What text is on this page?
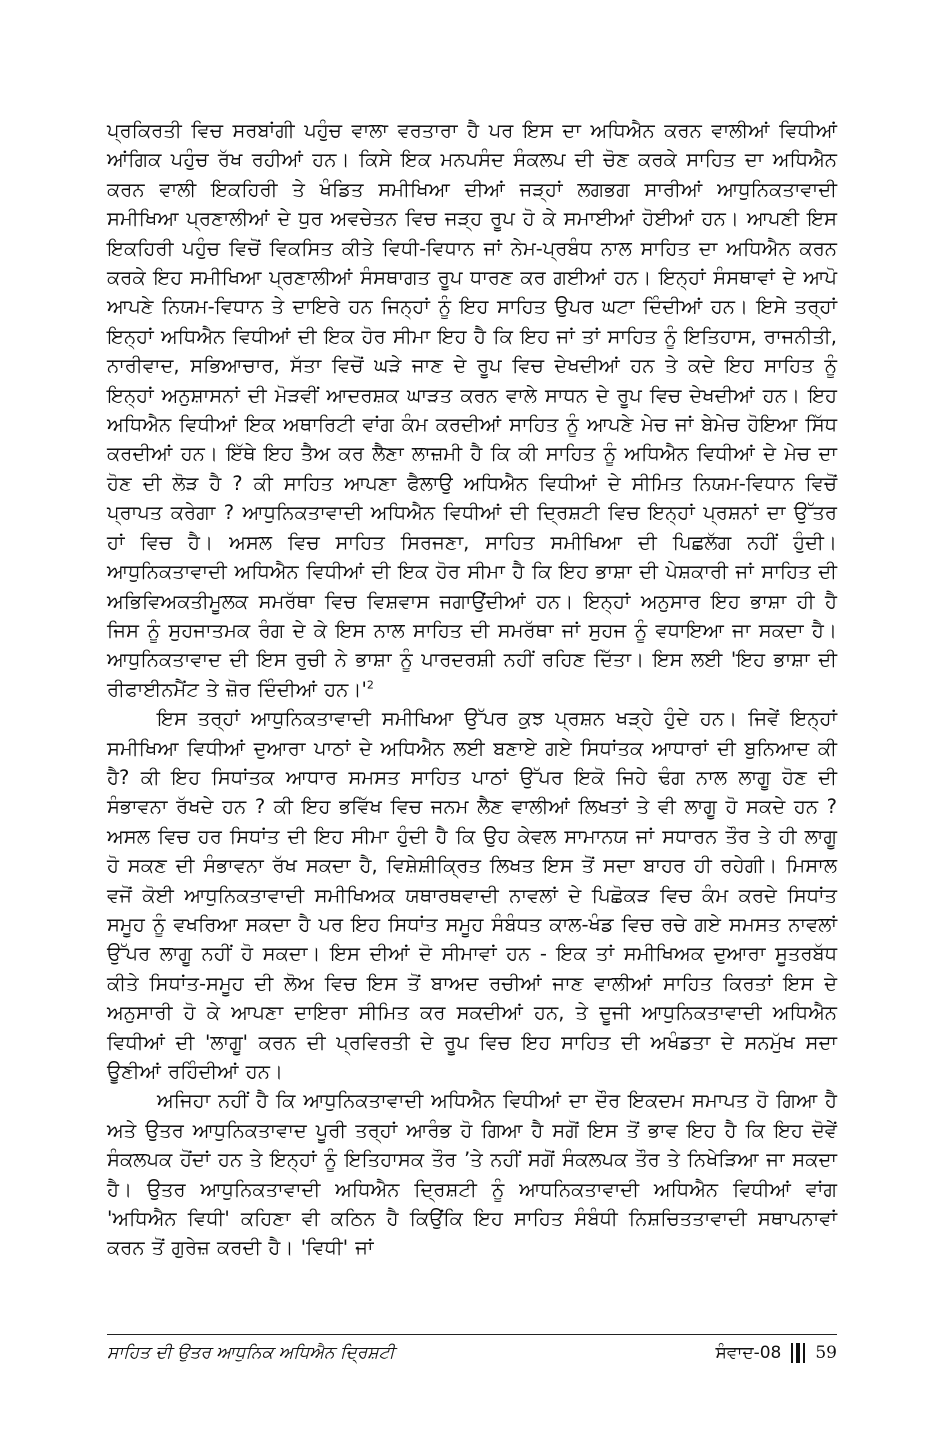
ਪ੍ਰਕਿਰਤੀ ਵਿਚ ਸਰਬਾਂਗੀ ਪਹੁੰਚ ਵਾਲਾ ਵਰਤਾਰਾ ਹੈ ਪਰ ਇਸ ਦਾ ਅਧਿਐਨ ਕਰਨ ਵਾਲੀਆਂ ਵਿਧੀਆਂ ਆਂਗਿਕ ਪਹੁੰਚ ਰੱਖ ਰਹੀਆਂ ਹਨ। ਕਿਸੇ ਇਕ ਮਨਪਸੰਦ ਸੰਕਲਪ ਦੀ ਚੋਣ ਕਰਕੇ ਸਾਹਿਤ ਦਾ ਅਧਿਐਨ ਕਰਨ ਵਾਲੀ ਇਕਹਿਰੀ ਤੇ ਖੰਡਿਤ ਸਮੀਖਿਆ ਦੀਆਂ ਜੜ੍ਹਾਂ ਲਗਭਗ ਸਾਰੀਆਂ ਆਧੁਨਿਕਤਾਵਾਦੀ ਸਮੀਖਿਆ ਪ੍ਰਣਾਲੀਆਂ ਦੇ ਧੁਰ ਅਵਚੇਤਨ ਵਿਚ ਜੜ੍ਹ ਰੂਪ ਹੋ ਕੇ ਸਮਾਈਆਂ ਹੋਈਆਂ ਹਨ। ਆਪਣੀ ਇਸ ਇਕਹਿਰੀ ਪਹੁੰਚ ਵਿਚੋਂ ਵਿਕਸਿਤ ਕੀਤੇ ਵਿਧੀ-ਵਿਧਾਨ ਜਾਂ ਨੇਮ-ਪ੍ਰਬੰਧ ਨਾਲ ਸਾਹਿਤ ਦਾ ਅਧਿਐਨ ਕਰਨ ਕਰਕੇ ਇਹ ਸਮੀਖਿਆ ਪ੍ਰਣਾਲੀਆਂ ਸੰਸਥਾਗਤ ਰੂਪ ਧਾਰਣ ਕਰ ਗਈਆਂ ਹਨ। ਇਨ੍ਹਾਂ ਸੰਸਥਾਵਾਂ ਦੇ ਆਪੋ ਆਪਣੇ ਨਿਯਮ-ਵਿਧਾਨ ਤੇ ਦਾਇਰੇ ਹਨ ਜਿਨ੍ਹਾਂ ਨੂੰ ਇਹ ਸਾਹਿਤ ਉਪਰ ਘਟਾ ਦਿੰਦੀਆਂ ਹਨ। ਇਸੇ ਤਰ੍ਹਾਂ ਇਨ੍ਹਾਂ ਅਧਿਐਨ ਵਿਧੀਆਂ ਦੀ ਇਕ ਹੋਰ ਸੀਮਾ ਇਹ ਹੈ ਕਿ ਇਹ ਜਾਂ ਤਾਂ ਸਾਹਿਤ ਨੂੰ ਇਤਿਹਾਸ, ਰਾਜਨੀਤੀ, ਨਾਰੀਵਾਦ, ਸਭਿਆਚਾਰ, ਸੱਤਾ ਵਿਚੋਂ ਘੜੇ ਜਾਣ ਦੇ ਰੂਪ ਵਿਚ ਦੇਖਦੀਆਂ ਹਨ ਤੇ ਕਦੇ ਇਹ ਸਾਹਿਤ ਨੂੰ ਇਨ੍ਹਾਂ ਅਨੁਸ਼ਾਸਨਾਂ ਦੀ ਮੋੜਵੀਂ ਆਦਰਸ਼ਕ ਘਾੜਤ ਕਰਨ ਵਾਲੇ ਸਾਧਨ ਦੇ ਰੂਪ ਵਿਚ ਦੇਖਦੀਆਂ ਹਨ। ਇਹ ਅਧਿਐਨ ਵਿਧੀਆਂ ਇਕ ਅਥਾਰਿਟੀ ਵਾਂਗ ਕੰਮ ਕਰਦੀਆਂ ਸਾਹਿਤ ਨੂੰ ਆਪਣੇ ਮੇਚ ਜਾਂ ਬੇਮੇਚ ਹੋਇਆ ਸਿੱਧ ਕਰਦੀਆਂ ਹਨ। ਇੱਥੇ ਇਹ ਤੈਅ ਕਰ ਲੈਣਾ ਲਾਜ਼ਮੀ ਹੈ ਕਿ ਕੀ ਸਾਹਿਤ ਨੂੰ ਅਧਿਐਨ ਵਿਧੀਆਂ ਦੇ ਮੇਚ ਦਾ ਹੋਣ ਦੀ ਲੋੜ ਹੈ ? ਕੀ ਸਾਹਿਤ ਆਪਣਾ ਫੈਲਾਉ ਅਧਿਐਨ ਵਿਧੀਆਂ ਦੇ ਸੀਮਿਤ ਨਿਯਮ-ਵਿਧਾਨ ਵਿਚੋਂ ਪ੍ਰਾਪਤ ਕਰੇਗਾ ? ਆਧੁਨਿਕਤਾਵਾਦੀ ਅਧਿਐਨ ਵਿਧੀਆਂ ਦੀ ਦ੍ਰਿਸ਼ਟੀ ਵਿਚ ਇਨ੍ਹਾਂ ਪ੍ਰਸ਼ਨਾਂ ਦਾ ਉੱਤਰ ਹਾਂ ਵਿਚ ਹੈ। ਅਸਲ ਵਿਚ ਸਾਹਿਤ ਸਿਰਜਣਾ, ਸਾਹਿਤ ਸਮੀਖਿਆ ਦੀ ਪਿਛਲੱਗ ਨਹੀਂ ਹੁੰਦੀ। ਆਧੁਨਿਕਤਾਵਾਦੀ ਅਧਿਐਨ ਵਿਧੀਆਂ ਦੀ ਇਕ ਹੋਰ ਸੀਮਾ ਹੈ ਕਿ ਇਹ ਭਾਸ਼ਾ ਦੀ ਪੇਸ਼ਕਾਰੀ ਜਾਂ ਸਾਹਿਤ ਦੀ ਅਭਿਵਿਅਕਤੀਮੂਲਕ ਸਮਰੱਥਾ ਵਿਚ ਵਿਸ਼ਵਾਸ ਜਗਾਉਂਦੀਆਂ ਹਨ। ਇਨ੍ਹਾਂ ਅਨੁਸਾਰ ਇਹ ਭਾਸ਼ਾ ਹੀ ਹੈ ਜਿਸ ਨੂੰ ਸੁਹਜਾਤਮਕ ਰੰਗ ਦੇ ਕੇ ਇਸ ਨਾਲ ਸਾਹਿਤ ਦੀ ਸਮਰੱਥਾ ਜਾਂ ਸੁਹਜ ਨੂੰ ਵਧਾਇਆ ਜਾ ਸਕਦਾ ਹੈ। ਆਧੁਨਿਕਤਾਵਾਦ ਦੀ ਇਸ ਰੁਚੀ ਨੇ ਭਾਸ਼ਾ ਨੂੰ ਪਾਰਦਰਸ਼ੀ ਨਹੀਂ ਰਹਿਣ ਦਿੱਤਾ। ਇਸ ਲਈ 'ਇਹ ਭਾਸ਼ਾ ਦੀ ਰੀਫਾਈਨਮੈਂਟ ਤੇ ਜ਼ੋਰ ਦਿੰਦੀਆਂ ਹਨ।'$^2$

ਇਸ ਤਰ੍ਹਾਂ ਆਧੁਨਿਕਤਾਵਾਦੀ ਸਮੀਖਿਆ ਉੱਪਰ ਕੁਝ ਪ੍ਰਸ਼ਨ ਖੜ੍ਹੇ ਹੁੰਦੇ ਹਨ। ਜਿਵੇਂ ਇਨ੍ਹਾਂ ਸਮੀਖਿਆ ਵਿਧੀਆਂ ਦੁਆਰਾ ਪਾਠਾਂ ਦੇ ਅਧਿਐਨ ਲਈ ਬਣਾਏ ਗਏ ਸਿਧਾਂਤਕ ਆਧਾਰਾਂ ਦੀ ਬੁਨਿਆਦ ਕੀ ਹੈ? ਕੀ ਇਹ ਸਿਧਾਂਤਕ ਆਧਾਰ ਸਮਸਤ ਸਾਹਿਤ ਪਾਠਾਂ ਉੱਪਰ ਇਕੋ ਜਿਹੇ ਢੰਗ ਨਾਲ ਲਾਗੂ ਹੋਣ ਦੀ ਸੰਭਾਵਨਾ ਰੱਖਦੇ ਹਨ ? ਕੀ ਇਹ ਭਵਿੱਖ ਵਿਚ ਜਨਮ ਲੈਣ ਵਾਲੀਆਂ ਲਿਖਤਾਂ ਤੇ ਵੀ ਲਾਗੂ ਹੋ ਸਕਦੇ ਹਨ ? ਅਸਲ ਵਿਚ ਹਰ ਸਿਧਾਂਤ ਦੀ ਇਹ ਸੀਮਾ ਹੁੰਦੀ ਹੈ ਕਿ ਉਹ ਕੇਵਲ ਸਾਮਾਨਯ ਜਾਂ ਸਧਾਰਨ ਤੌਰ ਤੇ ਹੀ ਲਾਗੂ ਹੋ ਸਕਣ ਦੀ ਸੰਭਾਵਨਾ ਰੱਖ ਸਕਦਾ ਹੈ, ਵਿਸ਼ੇਸ਼ੀਕ੍ਰਿਤ ਲਿਖਤ ਇਸ ਤੋਂ ਸਦਾ ਬਾਹਰ ਹੀ ਰਹੇਗੀ। ਮਿਸਾਲ ਵਜੋਂ ਕੋਈ ਆਧੁਨਿਕਤਾਵਾਦੀ ਸਮੀਖਿਅਕ ਯਥਾਰਥਵਾਦੀ ਨਾਵਲਾਂ ਦੇ ਪਿਛੋਕੜ ਵਿਚ ਕੰਮ ਕਰਦੇ ਸਿਧਾਂਤ ਸਮੂਹ ਨੂੰ ਵਖਰਿਆ ਸਕਦਾ ਹੈ ਪਰ ਇਹ ਸਿਧਾਂਤ ਸਮੂਹ ਸੰਬੰਧਤ ਕਾਲ-ਖੰਡ ਵਿਚ ਰਚੇ ਗਏ ਸਮਸਤ ਨਾਵਲਾਂ ਉੱਪਰ ਲਾਗੂ ਨਹੀਂ ਹੋ ਸਕਦਾ। ਇਸ ਦੀਆਂ ਦੋ ਸੀਮਾਵਾਂ ਹਨ - ਇਕ ਤਾਂ ਸਮੀਖਿਅਕ ਦੁਆਰਾ ਸੂਤਰਬੱਧ ਕੀਤੇ ਸਿਧਾਂਤ-ਸਮੂਹ ਦੀ ਲੋਅ ਵਿਚ ਇਸ ਤੋਂ ਬਾਅਦ ਰਚੀਆਂ ਜਾਣ ਵਾਲੀਆਂ ਸਾਹਿਤ ਕਿਰਤਾਂ ਇਸ ਦੇ ਅਨੁਸਾਰੀ ਹੋ ਕੇ ਆਪਣਾ ਦਾਇਰਾ ਸੀਮਿਤ ਕਰ ਸਕਦੀਆਂ ਹਨ, ਤੇ ਦੂਜੀ ਆਧੁਨਿਕਤਾਵਾਦੀ ਅਧਿਐਨ ਵਿਧੀਆਂ ਦੀ 'ਲਾਗੂ' ਕਰਨ ਦੀ ਪ੍ਰਵਿਰਤੀ ਦੇ ਰੂਪ ਵਿਚ ਇਹ ਸਾਹਿਤ ਦੀ ਅਖੰਡਤਾ ਦੇ ਸਨਮੁੱਖ ਸਦਾ ਊਣੀਆਂ ਰਹਿੰਦੀਆਂ ਹਨ।

ਅਜਿਹਾ ਨਹੀਂ ਹੈ ਕਿ ਆਧੁਨਿਕਤਾਵਾਦੀ ਅਧਿਐਨ ਵਿਧੀਆਂ ਦਾ ਦੌਰ ਇਕਦਮ ਸਮਾਪਤ ਹੋ ਗਿਆ ਹੈ ਅਤੇ ਉਤਰ ਆਧੁਨਿਕਤਾਵਾਦ ਪੂਰੀ ਤਰ੍ਹਾਂ ਆਰੰਭ ਹੋ ਗਿਆ ਹੈ ਸਗੋਂ ਇਸ ਤੋਂ ਭਾਵ ਇਹ ਹੈ ਕਿ ਇਹ ਦੋਵੇਂ ਸੰਕਲਪਕ ਹੋਂਦਾਂ ਹਨ ਤੇ ਇਨ੍ਹਾਂ ਨੂੰ ਇਤਿਹਾਸਕ ਤੌਰ ’ਤੇ ਨਹੀਂ ਸਗੋਂ ਸੰਕਲਪਕ ਤੌਰ ਤੇ ਨਿਖੇੜਿਆ ਜਾ ਸਕਦਾ ਹੈ। ਉਤਰ ਆਧੁਨਿਕਤਾਵਾਦੀ ਅਧਿਐਨ ਦ੍ਰਿਸ਼ਟੀ ਨੂੰ ਆਧਨਿਕਤਾਵਾਦੀ ਅਧਿਐਨ ਵਿਧੀਆਂ ਵਾਂਗ 'ਅਧਿਐਨ ਵਿਧੀ' ਕਹਿਣਾ ਵੀ ਕਠਿਨ ਹੈ ਕਿਉਂਕਿ ਇਹ ਸਾਹਿਤ ਸੰਬੰਧੀ ਨਿਸ਼ਚਿਤਤਾਵਾਦੀ ਸਥਾਪਨਾਵਾਂ ਕਰਨ ਤੋਂ ਗੁਰੇਜ਼ ਕਰਦੀ ਹੈ। 'ਵਿਧੀ' ਜਾਂ

ਸਾਹਿਤ ਦੀ ਉਤਰ ਆਧੁਨਿਕ ਅਧਿਐਨ ਦ੍ਰਿਸ਼ਟੀ	ਸੰਵਾਦ-08 59
